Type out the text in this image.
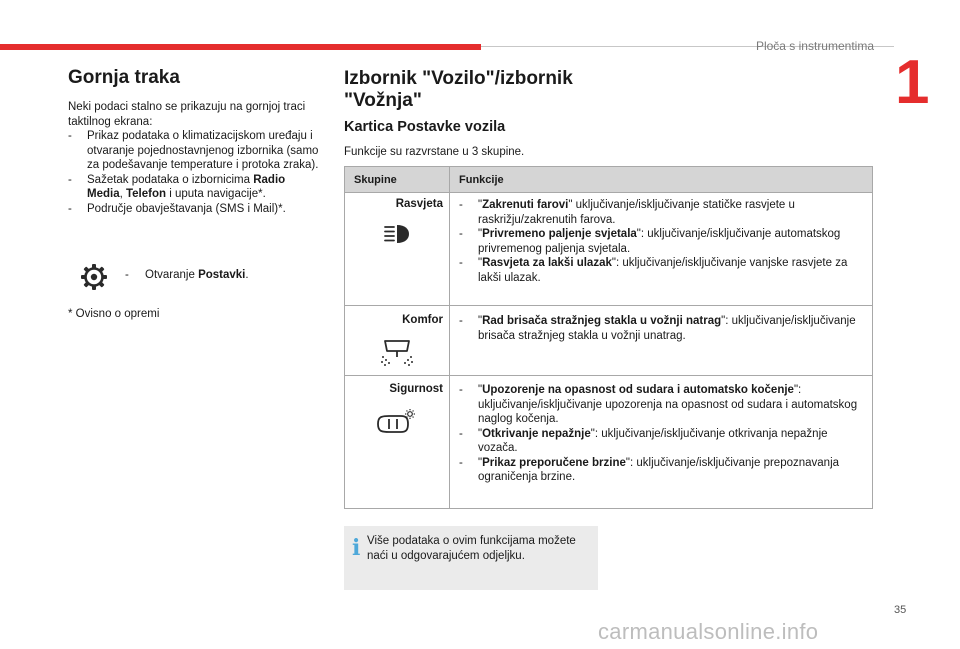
Ploča s instrumentima
1
Gornja traka
Neki podaci stalno se prikazuju na gornjoj traci taktilnog ekrana:
-	Prikaz podataka o klimatizacijskom uređaju i otvaranje pojednostavnjenog izbornika (samo za podešavanje temperature i protoka zraka).
-	Sažetak podataka o izbornicima Radio Media, Telefon i uputa navigacije*.
-	Područje obavještavanja (SMS i Mail)*.
- Otvaranje Postavki.
* Ovisno o opremi
Izbornik "Vozilo"/izbornik "Vožnja"
Kartica Postavke vozila
Funkcije su razvrstane u 3 skupine.
Skupine	Funkcije
Rasvjeta -	"Zakrenuti farovi" uključivanje/isključivanje statičke rasvjete u raskrižju/zakrenutih farova.
-	"Privremeno paljenje svjetala": uključivanje/isključivanje automatskog privremenog paljenja svjetala.
-	"Rasvjeta za lakši ulazak": uključivanje/isključivanje vanjske rasvjete za lakši ulazak.
Komfor -	"Rad brisača stražnjeg stakla u vožnji natrag": uključivanje/isključivanje brisača stražnjeg stakla u vožnji unatrag.
Sigurnost -	"Upozorenje na opasnost od sudara i automatsko kočenje": uključivanje/isključivanje upozorenja na opasnost od sudara i automatskog naglog kočenja.
-	"Otkrivanje nepažnje": uključivanje/isključivanje otkrivanja nepažnje vozača.
-	"Prikaz preporučene brzine": uključivanje/isključivanje prepoznavanja ograničenja brzine.
i Više podataka o ovim funkcijama možete naći u odgovarajućem odjeljku.
35
carmanualsonline.info
